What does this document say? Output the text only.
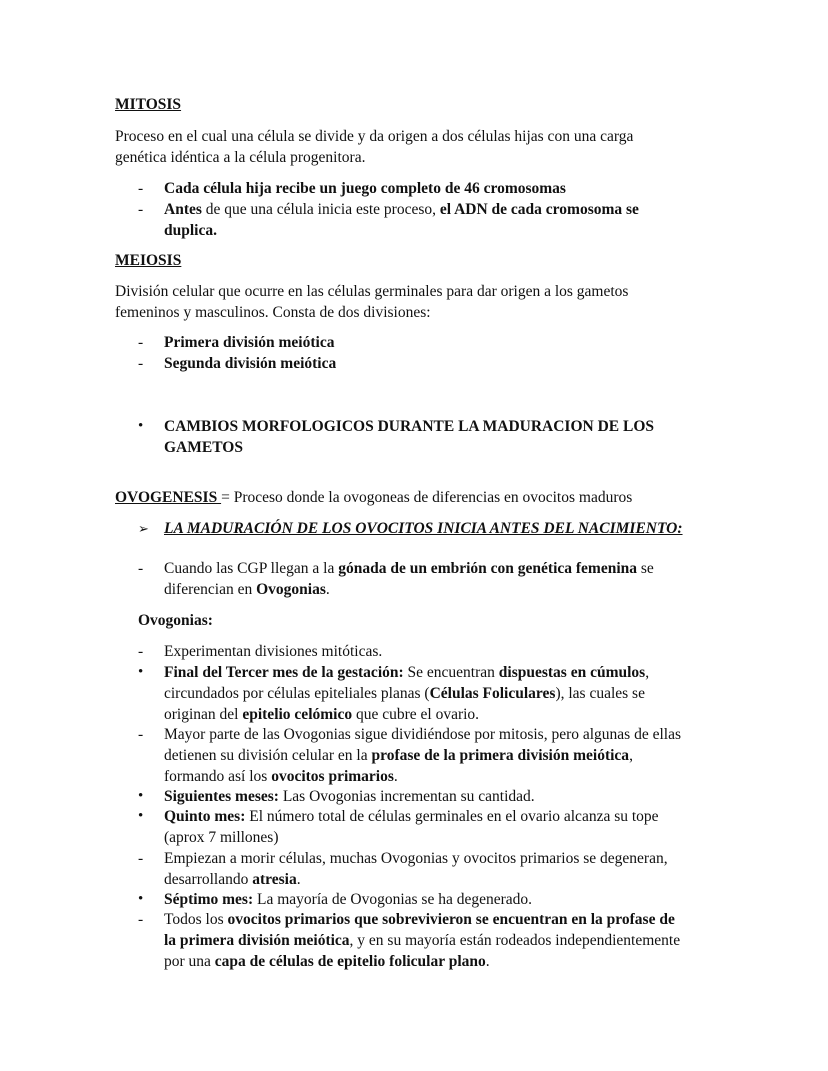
MITOSIS
Proceso en el cual una célula se divide y da origen a dos células hijas con una carga
genética idéntica a la célula progenitora.
-	Cada célula hija recibe un juego completo de 46 cromosomas
-	Antes de que una célula inicia este proceso, el ADN de cada cromosoma se
duplica.
MEIOSIS
División celular que ocurre en las células germinales para dar origen a los gametos
femeninos y masculinos. Consta de dos divisiones:
-	Primera división meiótica
-	Segunda división meiótica
•	CAMBIOS MORFOLOGICOS DURANTE LA MADURACION DE LOS
GAMETOS
OVOGENESIS = Proceso donde la ovogoneas de diferencias en ovocitos maduros
➢ LA MADURACIÓN DE LOS OVOCITOS INICIA ANTES DEL NACIMIENTO:
-	Cuando las CGP llegan a la gónada de un embrión con genética femenina se
diferencian en Ovogonias.
Ovogonias:
-	Experimentan divisiones mitóticas.
•	Final del Tercer mes de la gestación: Se encuentran dispuestas en cúmulos,
circundados por células epiteliales planas (Células Foliculares), las cuales se
originan del epitelio celómico que cubre el ovario.
-	Mayor parte de las Ovogonias sigue dividiéndose por mitosis, pero algunas de ellas
detienen su división celular en la profase de la primera división meiótica,
formando así los ovocitos primarios.
•	Siguientes meses: Las Ovogonias incrementan su cantidad.
•	Quinto mes: El número total de células germinales en el ovario alcanza su tope
(aprox 7 millones)
-	Empiezan a morir células, muchas Ovogonias y ovocitos primarios se degeneran,
desarrollando atresia.
•	Séptimo mes: La mayoría de Ovogonias se ha degenerado.
-	Todos los ovocitos primarios que sobrevivieron se encuentran en la profase de
la primera división meiótica, y en su mayoría están rodeados independientemente
por una capa de células de epitelio folicular plano.
